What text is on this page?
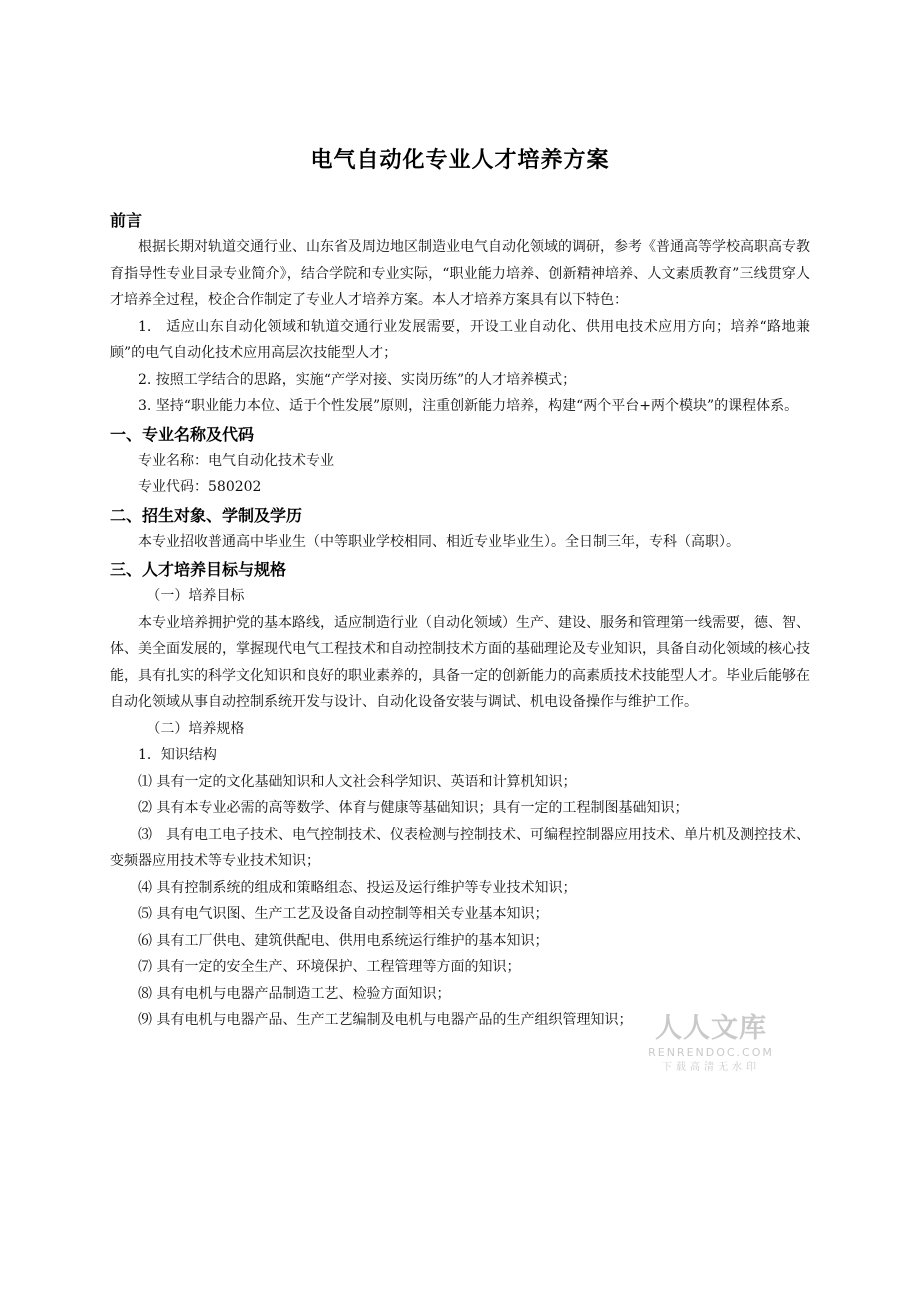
电气自动化专业人才培养方案
前言

根据长期对轨道交通行业、山东省及周边地区制造业电气自动化领域的调研，参考《普通高等学校高职高专教育指导性专业目录专业简介》，结合学院和专业实际，“职业能力培养、创新精神培养、人文素质教育”三线贯穿人才培养全过程，校企合作制定了专业人才培养方案。本人才培养方案具有以下特色：

1.　适应山东自动化领域和轨道交通行业发展需要，开设工业自动化、供用电技术应用方向；培养“路地兼顾”的电气自动化技术应用高层次技能型人才；

2. 按照工学结合的思路，实施“产学对接、实岗历练”的人才培养模式；

3. 坚持“职业能力本位、适于个性发展”原则，注重创新能力培养，构建“两个平台+两个模块”的课程体系。

一、专业名称及代码

专业名称：电气自动化技术专业

专业代码：580202

二、招生对象、学制及学历

本专业招收普通高中毕业生（中等职业学校相同、相近专业毕业生）。全日制三年，专科（高职）。

三、人才培养目标与规格

（一）培养目标

本专业培养拥护党的基本路线，适应制造行业（自动化领域）生产、建设、服务和管理第一线需要，德、智、体、美全面发展的，掌握现代电气工程技术和自动控制技术方面的基础理论及专业知识，具备自动化领域的核心技能，具有扎实的科学文化知识和良好的职业素养的，具备一定的创新能力的高素质技术技能型人才。毕业后能够在自动化领域从事自动控制系统开发与设计、自动化设备安装与调试、机电设备操作与维护工作。

（二）培养规格

1．知识结构

⑴ 具有一定的文化基础知识和人文社会科学知识、英语和计算机知识；

⑵ 具有本专业必需的高等数学、体育与健康等基础知识；具有一定的工程制图基础知识；

⑶　具有电工电子技术、电气控制技术、仪表检测与控制技术、可编程控制器应用技术、单片机及测控技术、变频器应用技术等专业技术知识；

⑷ 具有控制系统的组成和策略组态、投运及运行维护等专业技术知识；

⑸ 具有电气识图、生产工艺及设备自动控制等相关专业基本知识；

⑹ 具有工厂供电、建筑供配电、供用电系统运行维护的基本知识；

⑺ 具有一定的安全生产、环境保护、工程管理等方面的知识；

⑻ 具有电机与电器产品制造工艺、检验方面知识；

⑼ 具有电机与电器产品、生产工艺编制及电机与电器产品的生产组织管理知识； 人人文库
RENRENDOC.COM
下载高清无水印
